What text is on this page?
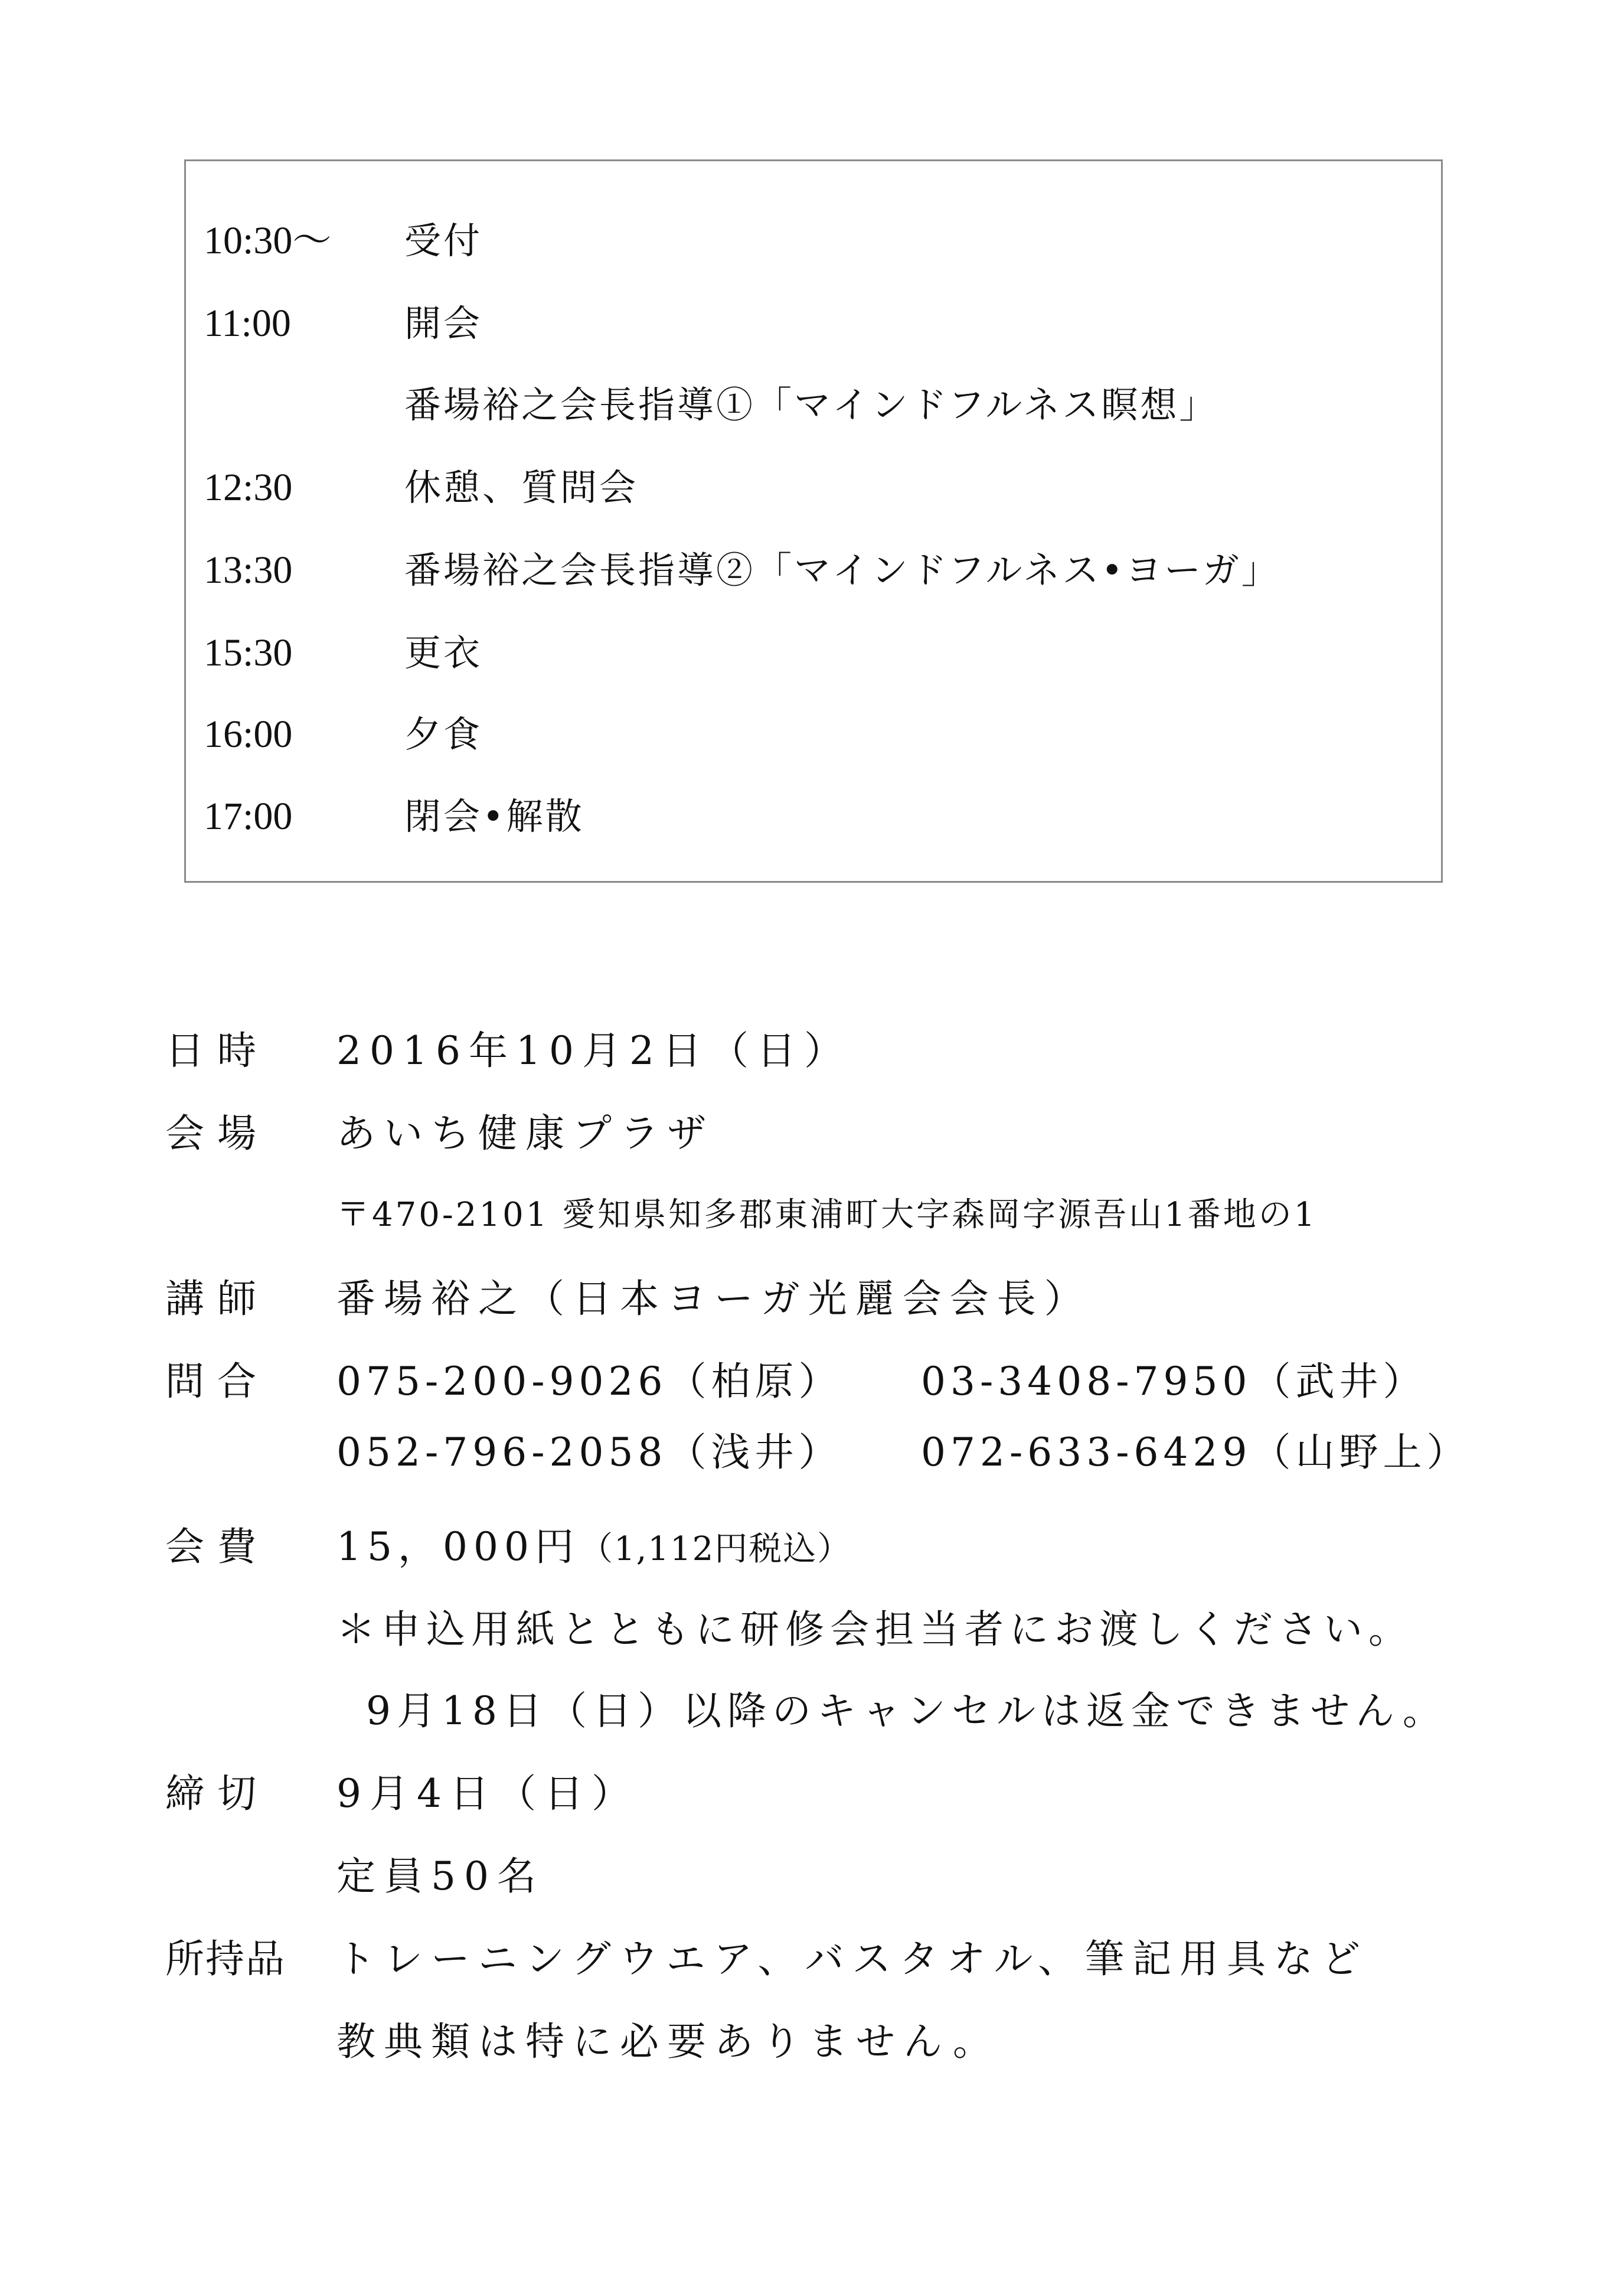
10:30～ 受付
11:00	開会
番場裕之会長指導①「マインドフルネス瞑想」
12:30	休憩、質問会
13:30	番場裕之会長指導②「マインドフルネス•ヨーガ」
15:30	更衣
16:00	夕食
17:00	閉会•解散
日時 2016年10月2日（日）
会場 あいち健康プラザ
〒470-2101 愛知県知多郡東浦町大字森岡字源吾山1番地の1
講師 番場裕之（日本ヨーガ光麗会会長）
問合 075-200-9026（柏原） 03-3408-7950（武井）
052-796-2058（浅井） 072-633-6429（山野上）
会費 15，000円（1,112円税込）
＊申込用紙とともに研修会担当者にお渡しください。
9月18日（日）以降のキャンセルは返金できません。
締切 9月4日（日）
定員50名
所持品 トレーニングウエア、バスタオル、筆記用具など
教典類は特に必要ありません。
